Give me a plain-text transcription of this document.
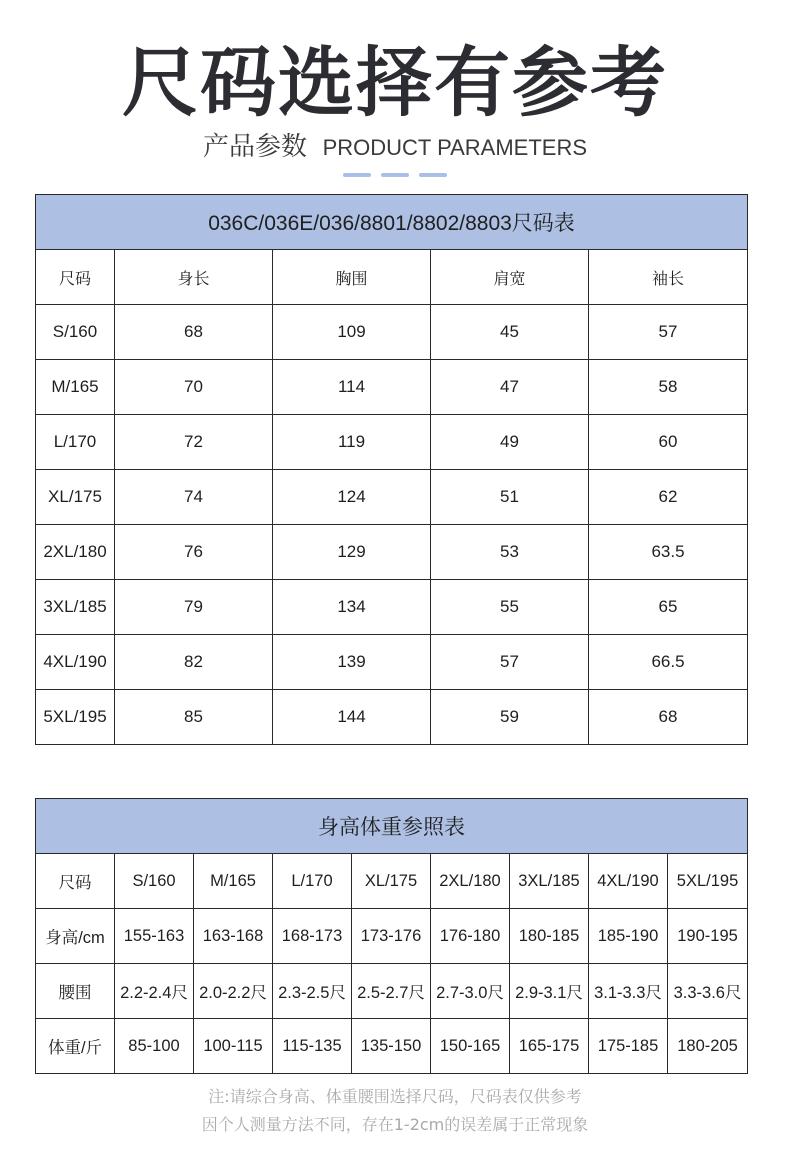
尺码选择有参考
产品参数 PRODUCT PARAMETERS
036C/036E/036/8801/8802/8803尺码表				
尺码	身长	胸围	肩宽	袖长
S/160	68	109	45	57
M/165	70	114	47	58
L/170	72	119	49	60
XL/175	74	124	51	62
2XL/180	76	129	53	63.5
3XL/185	79	134	55	65
4XL/190	82	139	57	66.5
5XL/195	85	144	59	68
身高体重参照表								
尺码	S/160	M/165	L/170	XL/175	2XL/180	3XL/185	4XL/190	5XL/195
身高/cm	155-163	163-168	168-173	173-176	176-180	180-185	185-190	190-195
腰围	2.2-2.4尺	2.0-2.2尺	2.3-2.5尺	2.5-2.7尺	2.7-3.0尺	2.9-3.1尺	3.1-3.3尺	3.3-3.6尺
体重/斤	85-100	100-115	115-135	135-150	150-165	165-175	175-185	180-205
注:请综合身高、体重腰围选择尺码，尺码表仅供参考
因个人测量方法不同，存在1-2cm的误差属于正常现象
